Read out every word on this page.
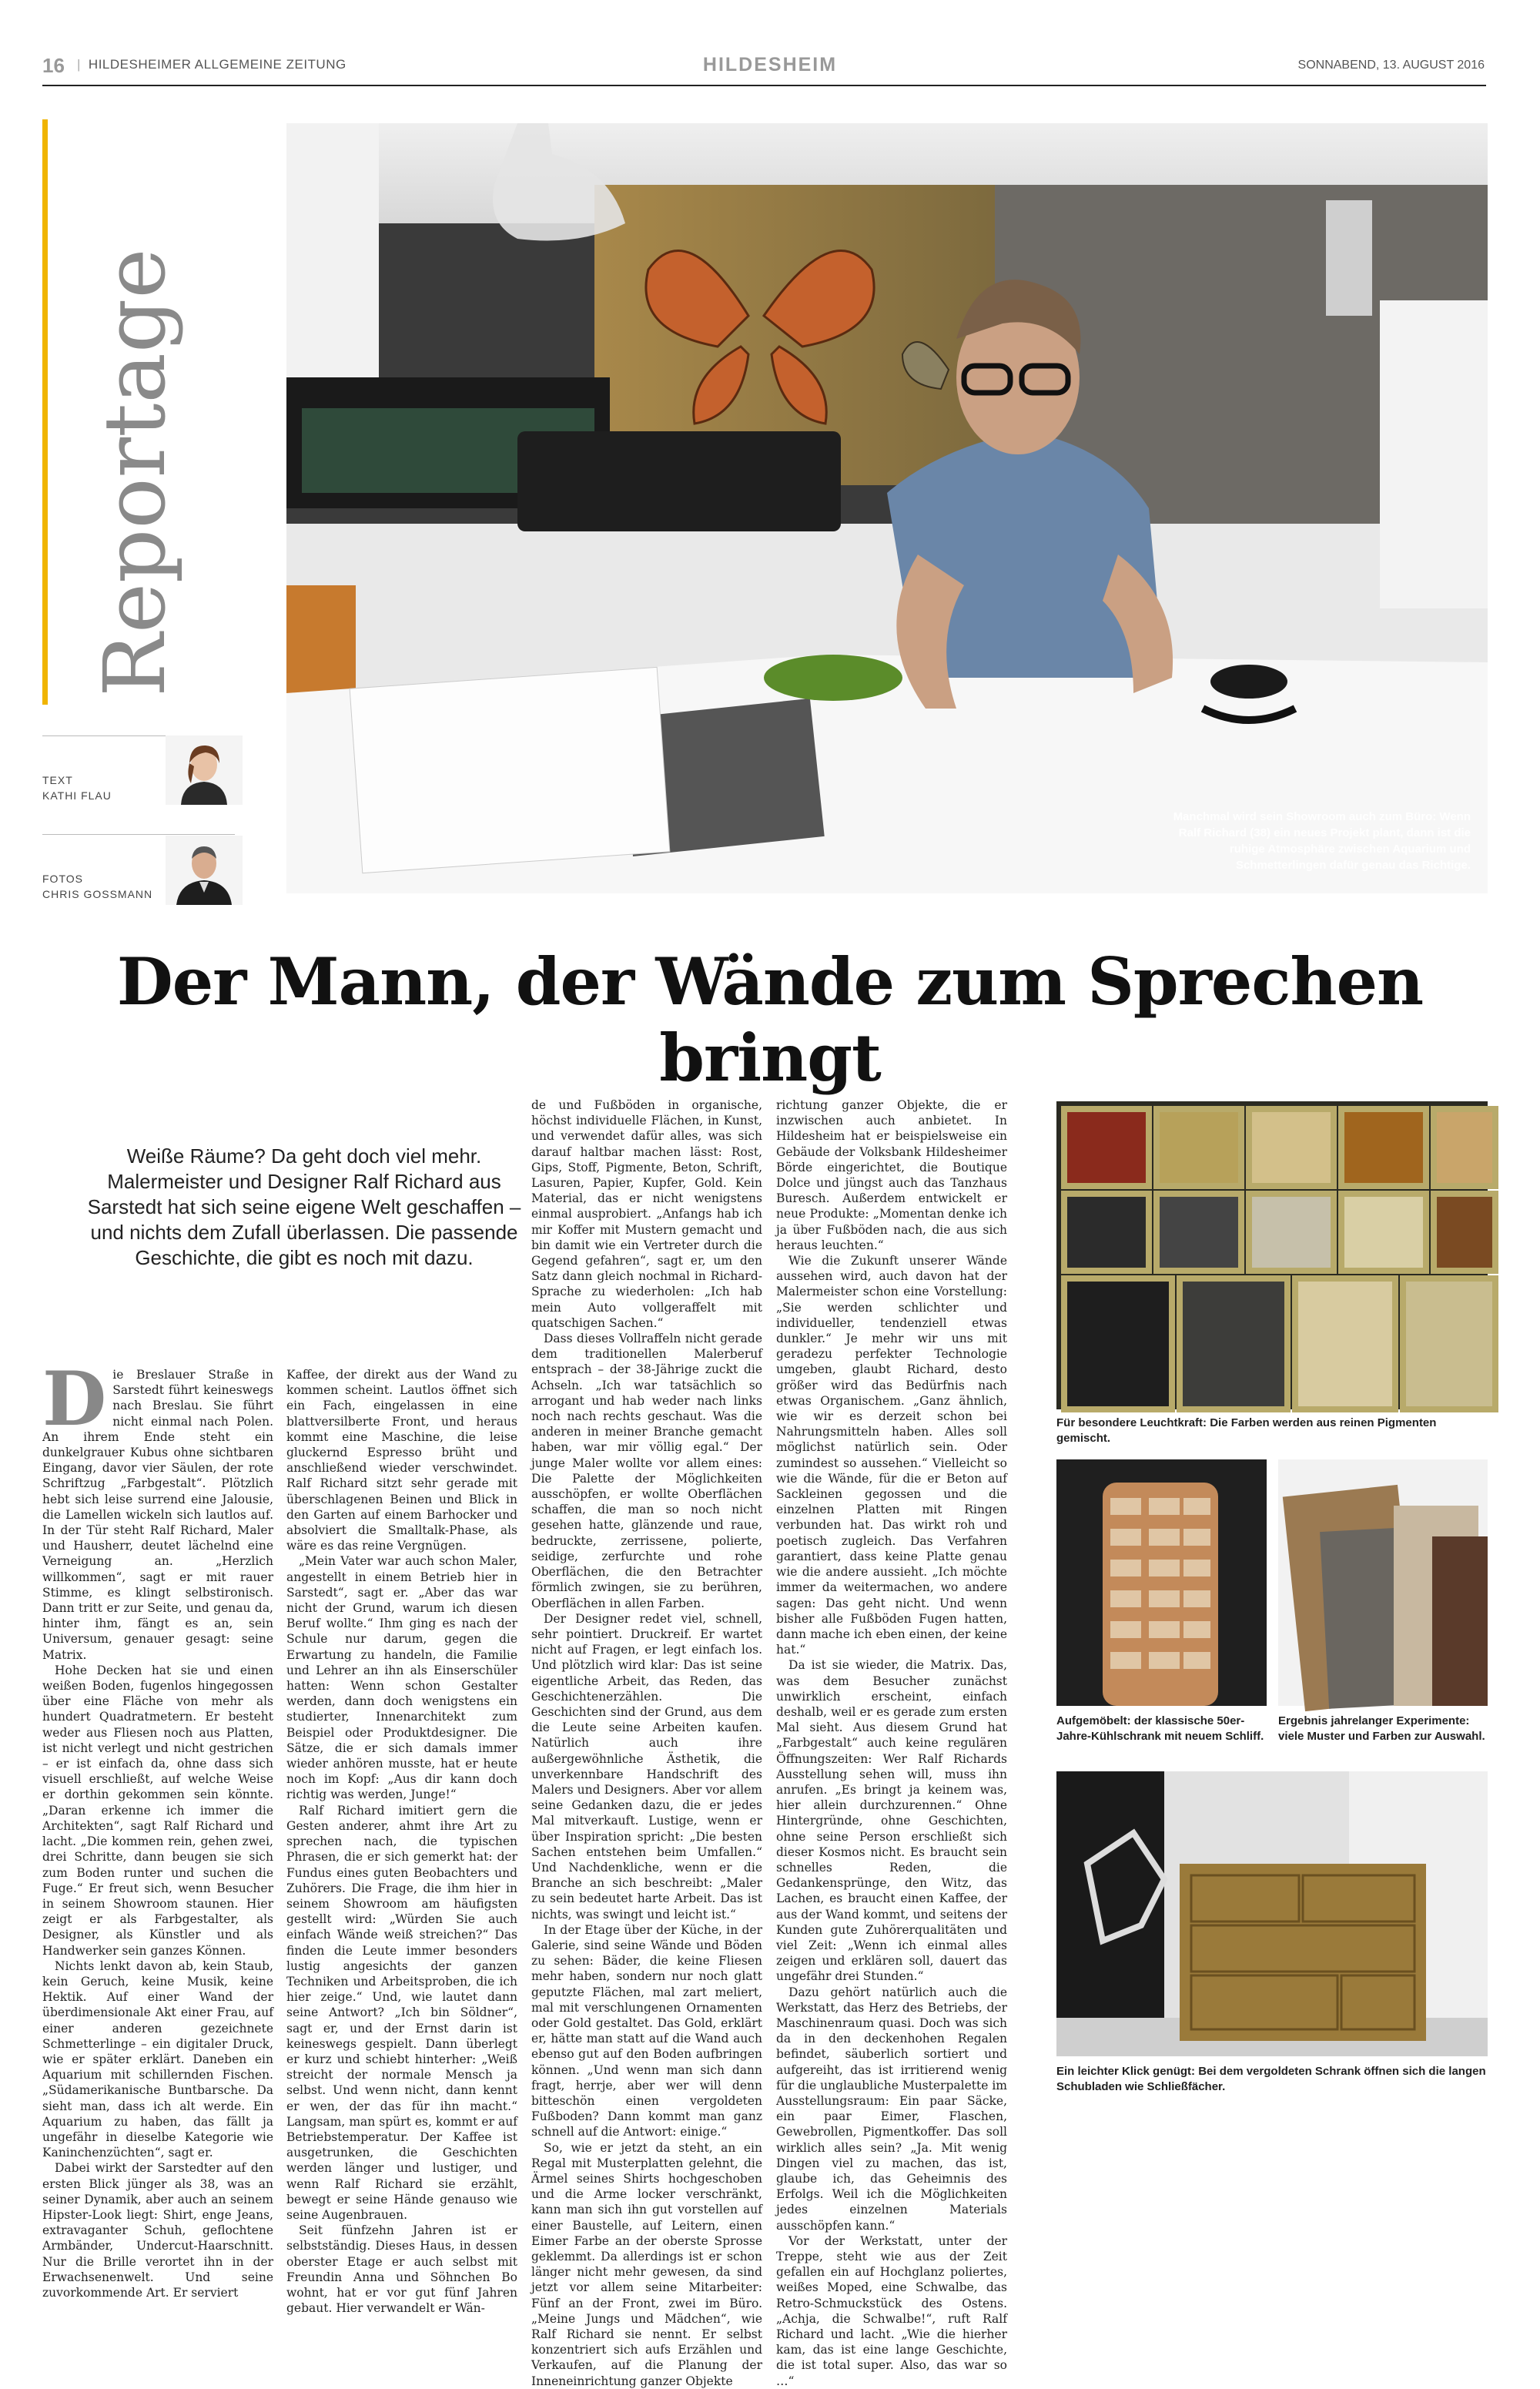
16 | HILDESHEIMER ALLGEMEINE ZEITUNG	HILDESHEIM	SONNABEND, 13. AUGUST 2016
Reportage
TEXT
KATHI FLAU
FOTOS
CHRIS GOSSMANN
Manchmal wird sein Showroom auch zum Büro: Wenn Ralf Richard (38) ein neues Projekt plant, dann ist die ruhige Atmosphäre zwischen Aquarium und Schmetterlingen dafür genau das Richtige.
Der Mann, der Wände zum Sprechen bringt
Weiße Räume? Da geht doch viel mehr. Malermeister und Designer Ralf Richard aus Sarstedt hat sich seine eigene Welt geschaffen – und nichts dem Zufall überlassen. Die passende Geschichte, die gibt es noch mit dazu.

Die Breslauer Straße in Sarstedt führt keineswegs nach Breslau. Sie führt nicht einmal nach Polen. An ihrem Ende steht ein dunkelgrauer Kubus ohne sichtbaren Eingang, davor vier Säulen, der rote Schriftzug „Farbgestalt“. Plötzlich hebt sich leise surrend eine Jalousie, die Lamellen wickeln sich lautlos auf. In der Tür steht Ralf Richard, Maler und Hausherr, deutet lächelnd eine Verneigung an. „Herzlich willkommen“, sagt er mit rauer Stimme, es klingt selbstironisch. Dann tritt er zur Seite, und genau da, hinter ihm, fängt es an, sein Universum, genauer gesagt: seine Matrix.

Hohe Decken hat sie und einen weißen Boden, fugenlos hingegossen über eine Fläche von mehr als hundert Quadratmetern. Er besteht weder aus Fliesen noch aus Platten, ist nicht verlegt und nicht gestrichen – er ist einfach da, ohne dass sich visuell erschließt, auf welche Weise er dorthin gekommen sein könnte. „Daran erkenne ich immer die Architekten“, sagt Ralf Richard und lacht. „Die kommen rein, gehen zwei, drei Schritte, dann beugen sie sich zum Boden runter und suchen die Fuge.“ Er freut sich, wenn Besucher in seinem Showroom staunen. Hier zeigt er als Farbgestalter, als Designer, als Künstler und als Handwerker sein ganzes Können.

Nichts lenkt davon ab, kein Staub, kein Geruch, keine Musik, keine Hektik. Auf einer Wand der überdimensionale Akt einer Frau, auf einer anderen gezeichnete Schmetterlinge – ein digitaler Druck, wie er später erklärt. Daneben ein Aquarium mit schillernden Fischen. „Südamerikanische Buntbarsche. Da sieht man, dass ich alt werde. Ein Aquarium zu haben, das fällt ja ungefähr in dieselbe Kategorie wie Kaninchenzüchten“, sagt er.

Dabei wirkt der Sarstedter auf den ersten Blick jünger als 38, was an seiner Dynamik, aber auch an seinem Hipster-Look liegt: Shirt, enge Jeans, extravaganter Schuh, geflochtene Armbänder, Undercut-Haarschnitt. Nur die Brille verortet ihn in der Erwachsenenwelt. Und seine zuvorkommende Art. Er serviert

Kaffee, der direkt aus der Wand zu kommen scheint. Lautlos öffnet sich ein Fach, eingelassen in eine blattversilberte Front, und heraus kommt eine Maschine, die leise gluckernd Espresso brüht und anschließend wieder verschwindet. Ralf Richard sitzt sehr gerade mit überschlagenen Beinen und Blick in den Garten auf einem Barhocker und absolviert die Smalltalk-Phase, als wäre es das reine Vergnügen.

„Mein Vater war auch schon Maler, angestellt in einem Betrieb hier in Sarstedt“, sagt er. „Aber das war nicht der Grund, warum ich diesen Beruf wollte.“ Ihm ging es nach der Schule nur darum, gegen die Erwartung zu handeln, die Familie und Lehrer an ihn als Einserschüler hatten: Wenn schon Gestalter werden, dann doch wenigstens ein studierter, Innenarchitekt zum Beispiel oder Produktdesigner. Die Sätze, die er sich damals immer wieder anhören musste, hat er heute noch im Kopf: „Aus dir kann doch richtig was werden, Junge!“

Ralf Richard imitiert gern die Gesten anderer, ahmt ihre Art zu sprechen nach, die typischen Phrasen, die er sich gemerkt hat: der Fundus eines guten Beobachters und Zuhörers. Die Frage, die ihm hier in seinem Showroom am häufigsten gestellt wird: „Würden Sie auch einfach Wände weiß streichen?“ Das finden die Leute immer besonders lustig angesichts der ganzen Techniken und Arbeitsproben, die ich hier zeige.“ Und, wie lautet dann seine Antwort? „Ich bin Söldner“, sagt er, und der Ernst darin ist keineswegs gespielt. Dann überlegt er kurz und schiebt hinterher: „Weiß streicht der normale Mensch ja selbst. Und wenn nicht, dann kennt er wen, der das für ihn macht.“ Langsam, man spürt es, kommt er auf Betriebstemperatur. Der Kaffee ist ausgetrunken, die Geschichten werden länger und lustiger, und wenn Ralf Richard sie erzählt, bewegt er seine Hände genauso wie seine Augenbrauen.

Seit fünfzehn Jahren ist er selbstständig. Dieses Haus, in dessen oberster Etage er auch selbst mit Freundin Anna und Söhnchen Bo wohnt, hat er vor gut fünf Jahren gebaut. Hier verwandelt er Wän-

de und Fußböden in organische, höchst individuelle Flächen, in Kunst, und verwendet dafür alles, was sich darauf haltbar machen lässt: Rost, Gips, Stoff, Pigmente, Beton, Schrift, Lasuren, Papier, Kupfer, Gold. Kein Material, das er nicht wenigstens einmal ausprobiert. „Anfangs hab ich mir Koffer mit Mustern gemacht und bin damit wie ein Vertreter durch die Gegend gefahren“, sagt er, um den Satz dann gleich nochmal in Richard-Sprache zu wiederholen: „Ich hab mein Auto vollgeraffelt mit quatschigen Sachen.“

Dass dieses Vollraffeln nicht gerade dem traditionellen Malerberuf entsprach – der 38-Jährige zuckt die Achseln. „Ich war tatsächlich so arrogant und hab weder nach links noch nach rechts geschaut. Was die anderen in meiner Branche gemacht haben, war mir völlig egal.“ Der junge Maler wollte vor allem eines: Die Palette der Möglichkeiten ausschöpfen, er wollte Oberflächen schaffen, die man so noch nicht gesehen hatte, glänzende und raue, bedruckte, zerrissene, polierte, seidige, zerfurchte und rohe Oberflächen, die den Betrachter förmlich zwingen, sie zu berühren, Oberflächen in allen Farben.

Der Designer redet viel, schnell, sehr pointiert. Druckreif. Er wartet nicht auf Fragen, er legt einfach los. Und plötzlich wird klar: Das ist seine eigentliche Arbeit, das Reden, das Geschichtenerzählen. Die Geschichten sind der Grund, aus dem die Leute seine Arbeiten kaufen. Natürlich auch ihre außergewöhnliche Ästhetik, die unverkennbare Handschrift des Malers und Designers. Aber vor allem seine Gedanken dazu, die er jedes Mal mitverkauft. Lustige, wenn er über Inspiration spricht: „Die besten Sachen entstehen beim Umfallen.“ Und Nachdenkliche, wenn er die Branche an sich beschreibt: „Maler zu sein bedeutet harte Arbeit. Das ist nichts, was swingt und leicht ist.“

In der Etage über der Küche, in der Galerie, sind seine Wände und Böden zu sehen: Bäder, die keine Fliesen mehr haben, sondern nur noch glatt geputzte Flächen, mal zart meliert, mal mit verschlungenen Ornamenten oder Gold gestaltet. Das Gold, erklärt er, hätte man statt auf die Wand auch ebenso gut auf den Boden aufbringen können. „Und wenn man sich dann fragt, herrje, aber wer will denn bitteschön einen vergoldeten Fußboden? Dann kommt man ganz schnell auf die Antwort: einige.“

So, wie er jetzt da steht, an ein Regal mit Musterplatten gelehnt, die Ärmel seines Shirts hochgeschoben und die Arme locker verschränkt, kann man sich ihn gut vorstellen auf einer Baustelle, auf Leitern, einen Eimer Farbe an der oberste Sprosse geklemmt. Da allerdings ist er schon länger nicht mehr gewesen, da sind jetzt vor allem seine Mitarbeiter: Fünf an der Front, zwei im Büro. „Meine Jungs und Mädchen“, wie Ralf Richard sie nennt. Er selbst konzentriert sich aufs Erzählen und Verkaufen, auf die Planung der Inneneinrichtung ganzer Objekte

richtung ganzer Objekte, die er inzwischen auch anbietet. In Hildesheim hat er beispielsweise ein Gebäude der Volksbank Hildesheimer Börde eingerichtet, die Boutique Dolce und jüngst auch das Tanzhaus Buresch. Außerdem entwickelt er neue Produkte: „Momentan denke ich ja über Fußböden nach, die aus sich heraus leuchten.“

Wie die Zukunft unserer Wände aussehen wird, auch davon hat der Malermeister schon eine Vorstellung: „Sie werden schlichter und individueller, tendenziell etwas dunkler.“ Je mehr wir uns mit geradezu perfekter Technologie umgeben, glaubt Richard, desto größer wird das Bedürfnis nach etwas Organischem. „Ganz ähnlich, wie wir es derzeit schon bei Nahrungsmitteln haben. Alles soll möglichst natürlich sein. Oder zumindest so aussehen.“ Vielleicht so wie die Wände, für die er Beton auf Sackleinen gegossen und die einzelnen Platten mit Ringen verbunden hat. Das wirkt roh und poetisch zugleich. Das Verfahren garantiert, dass keine Platte genau wie die andere aussieht. „Ich möchte immer da weitermachen, wo andere sagen: Das geht nicht. Und wenn bisher alle Fußböden Fugen hatten, dann mache ich eben einen, der keine hat.“

Da ist sie wieder, die Matrix. Das, was dem Besucher zunächst unwirklich erscheint, einfach deshalb, weil er es gerade zum ersten Mal sieht. Aus diesem Grund hat „Farbgestalt“ auch keine regulären Öffnungszeiten: Wer Ralf Richards Ausstellung sehen will, muss ihn anrufen. „Es bringt ja keinem was, hier allein durchzurennen.“ Ohne Hintergründe, ohne Geschichten, ohne seine Person erschließt sich dieser Kosmos nicht. Es braucht sein schnelles Reden, die Gedankensprünge, den Witz, das Lachen, es braucht einen Kaffee, der aus der Wand kommt, und seitens der Kunden gute Zuhörerqualitäten und viel Zeit: „Wenn ich einmal alles zeigen und erklären soll, dauert das ungefähr drei Stunden.“

Dazu gehört natürlich auch die Werkstatt, das Herz des Betriebs, der Maschinenraum quasi. Doch was sich da in den deckenhohen Regalen befindet, säuberlich sortiert und aufgereiht, das ist irritierend wenig für die unglaubliche Musterpalette im Ausstellungsraum: Ein paar Säcke, ein paar Eimer, Flaschen, Gewebrollen, Pigmentkoffer. Das soll wirklich alles sein? „Ja. Mit wenig Dingen viel zu machen, das ist, glaube ich, das Geheimnis des Erfolgs. Weil ich die Möglichkeiten jedes einzelnen Materials ausschöpfen kann.“

Vor der Werkstatt, unter der Treppe, steht wie aus der Zeit gefallen ein auf Hochglanz poliertes, weißes Moped, eine Schwalbe, das Retro-Schmuckstück des Ostens. „Achja, die Schwalbe!“, ruft Ralf Richard und lacht. „Wie die hierher kam, das ist eine lange Geschichte, die ist total super. Also, das war so …“

Für besondere Leuchtkraft: Die Farben werden aus reinen Pigmenten gemischt.
Aufgemöbelt: der klassische 50er-Jahre-Kühlschrank mit neuem Schliff.
Ergebnis jahrelanger Experimente: viele Muster und Farben zur Auswahl.
Ein leichter Klick genügt: Bei dem vergoldeten Schrank öffnen sich die langen Schubladen wie Schließfächer.
